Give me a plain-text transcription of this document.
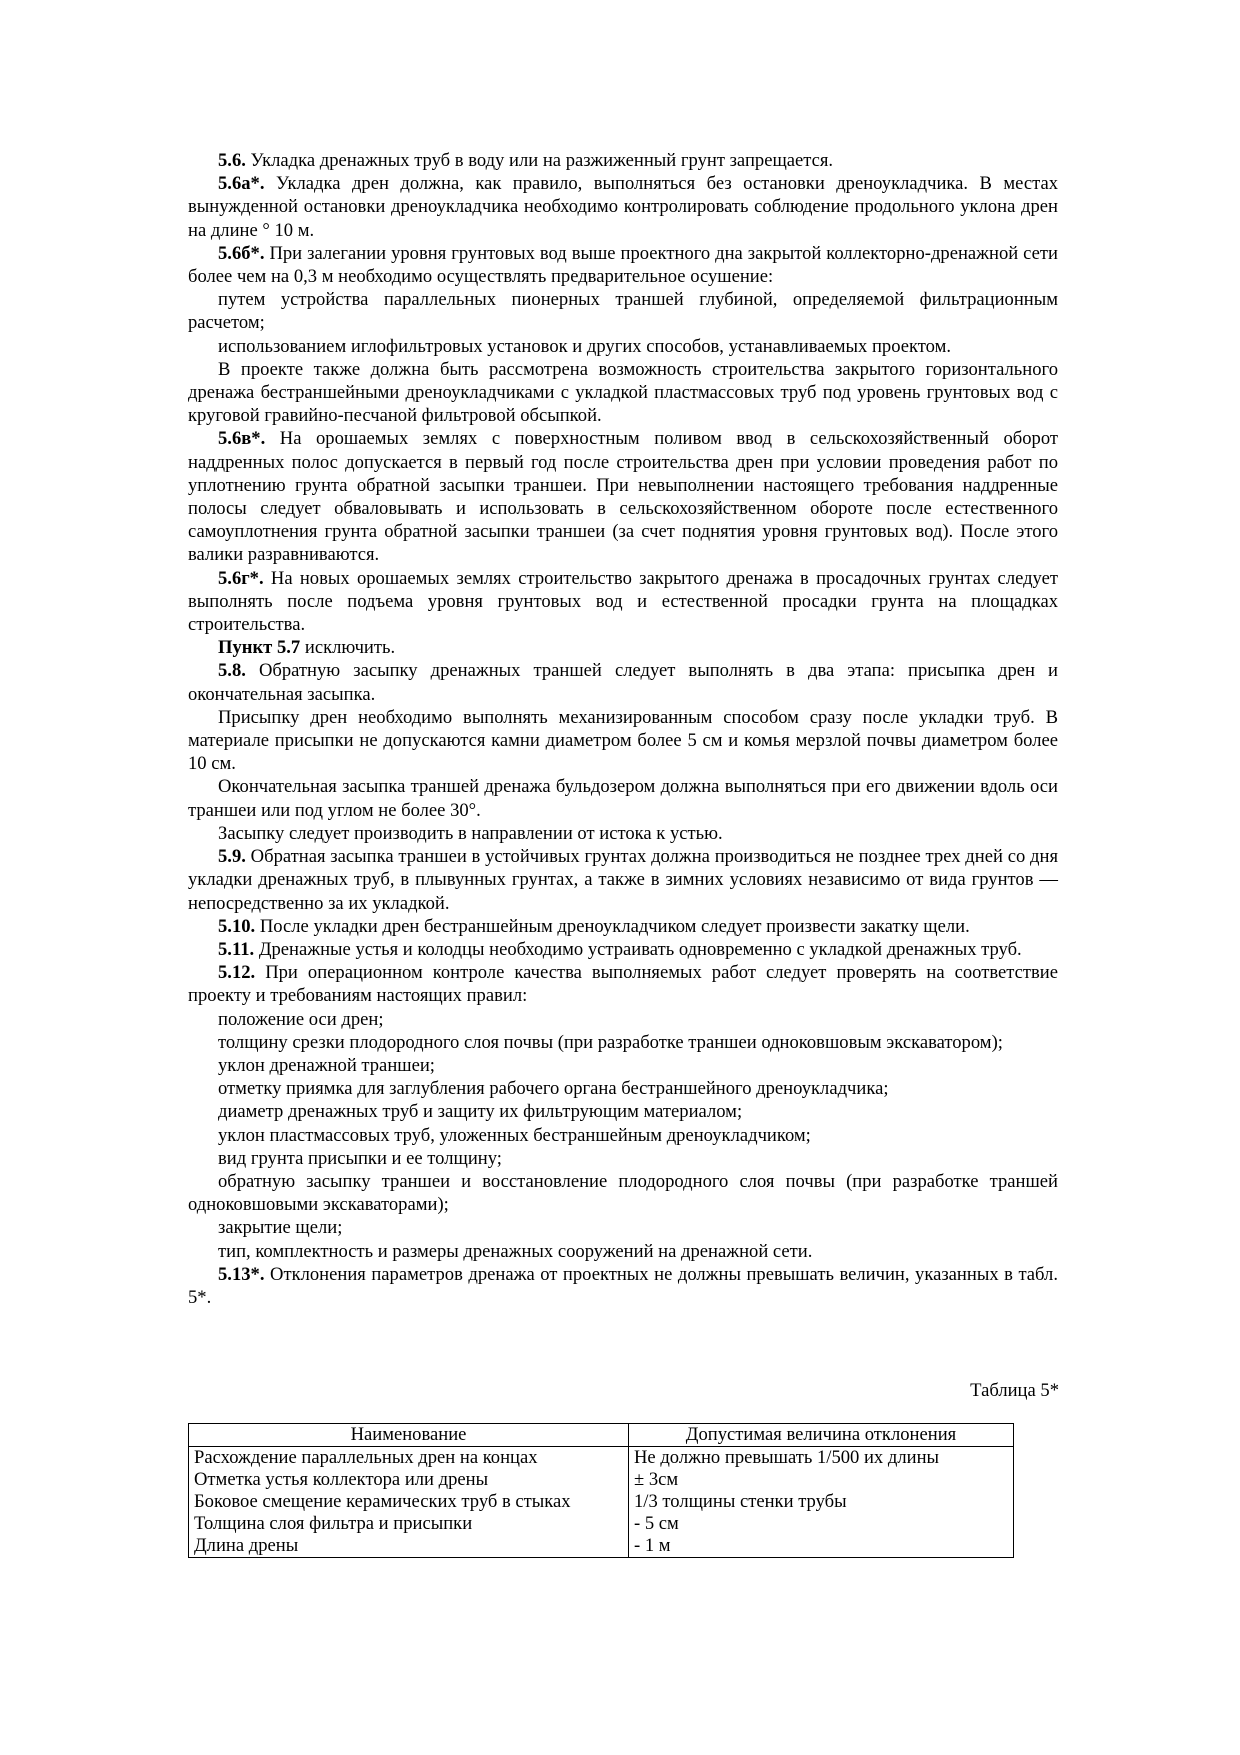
5.6. Укладка дренажных труб в воду или на разжиженный грунт запрещается.

5.6а*. Укладка дрен должна, как правило, выполняться без остановки дреноукладчика. В местах вынужденной остановки дреноукладчика необходимо контролировать соблюдение продольного уклона дрен на длине ° 10 м.

5.6б*. При залегании уровня грунтовых вод выше проектного дна закрытой коллекторно-дренажной сети более чем на 0,3 м необходимо осуществлять предварительное осушение:

путем устройства параллельных пионерных траншей глубиной, определяемой фильтрационным расчетом;

использованием иглофильтровых установок и других способов, устанавливаемых проектом.

В проекте также должна быть рассмотрена возможность строительства закрытого горизонтального дренажа бестраншейными дреноукладчиками с укладкой пластмассовых труб под уровень грунтовых вод с круговой гравийно-песчаной фильтровой обсыпкой.

5.6в*. На орошаемых землях с поверхностным поливом ввод в сельскохозяйственный оборот наддренных полос допускается в первый год после строительства дрен при условии проведения работ по уплотнению грунта обратной засыпки траншеи. При невыполнении настоящего требования наддренные полосы следует обваловывать и использовать в сельскохозяйственном обороте после естественного самоуплотнения грунта обратной засыпки траншеи (за счет поднятия уровня грунтовых вод). После этого валики разравниваются.

5.6г*. На новых орошаемых землях строительство закрытого дренажа в просадочных грунтах следует выполнять после подъема уровня грунтовых вод и естественной просадки грунта на площадках строительства.

Пункт 5.7 исключить.

5.8. Обратную засыпку дренажных траншей следует выполнять в два этапа: присыпка дрен и окончательная засыпка.

Присыпку дрен необходимо выполнять механизированным способом сразу после укладки труб. В материале присыпки не допускаются камни диаметром более 5 см и комья мерзлой почвы диаметром более 10 см.

Окончательная засыпка траншей дренажа бульдозером должна выполняться при его движении вдоль оси траншеи или под углом не более 30°.

Засыпку следует производить в направлении от истока к устью.

5.9. Обратная засыпка траншеи в устойчивых грунтах должна производиться не позднее трех дней со дня укладки дренажных труб, в плывунных грунтах, а также в зимних условиях независимо от вида грунтов — непосредственно за их укладкой.

5.10. После укладки дрен бестраншейным дреноукладчиком следует произвести закатку щели.

5.11. Дренажные устья и колодцы необходимо устраивать одновременно с укладкой дренажных труб.

5.12. При операционном контроле качества выполняемых работ следует проверять на соответствие проекту и требованиям настоящих правил:

положение оси дрен;

толщину срезки плодородного слоя почвы (при разработке траншеи одноковшовым экскаватором);

уклон дренажной траншеи;

отметку приямка для заглубления рабочего органа бестраншейного дреноукладчика;

диаметр дренажных труб и защиту их фильтрующим материалом;

уклон пластмассовых труб, уложенных бестраншейным дреноукладчиком;

вид грунта присыпки и ее толщину;

обратную засыпку траншеи и восстановление плодородного слоя почвы (при разработке траншей одноковшовыми экскаваторами);

закрытие щели;

тип, комплектность и размеры дренажных сооружений на дренажной сети.

5.13*. Отклонения параметров дренажа от проектных не должны превышать величин, указанных в табл. 5*.

Таблица 5*
Наименование	Допустимая величина отклонения
Расхождение параллельных дрен на концах	Не должно превышать 1/500 их длины
Отметка устья коллектора или дрены	± 3см
Боковое смещение керамических труб в стыках	1/3 толщины стенки трубы
Толщина слоя фильтра и присыпки	- 5 см
Длина дрены	- 1 м
